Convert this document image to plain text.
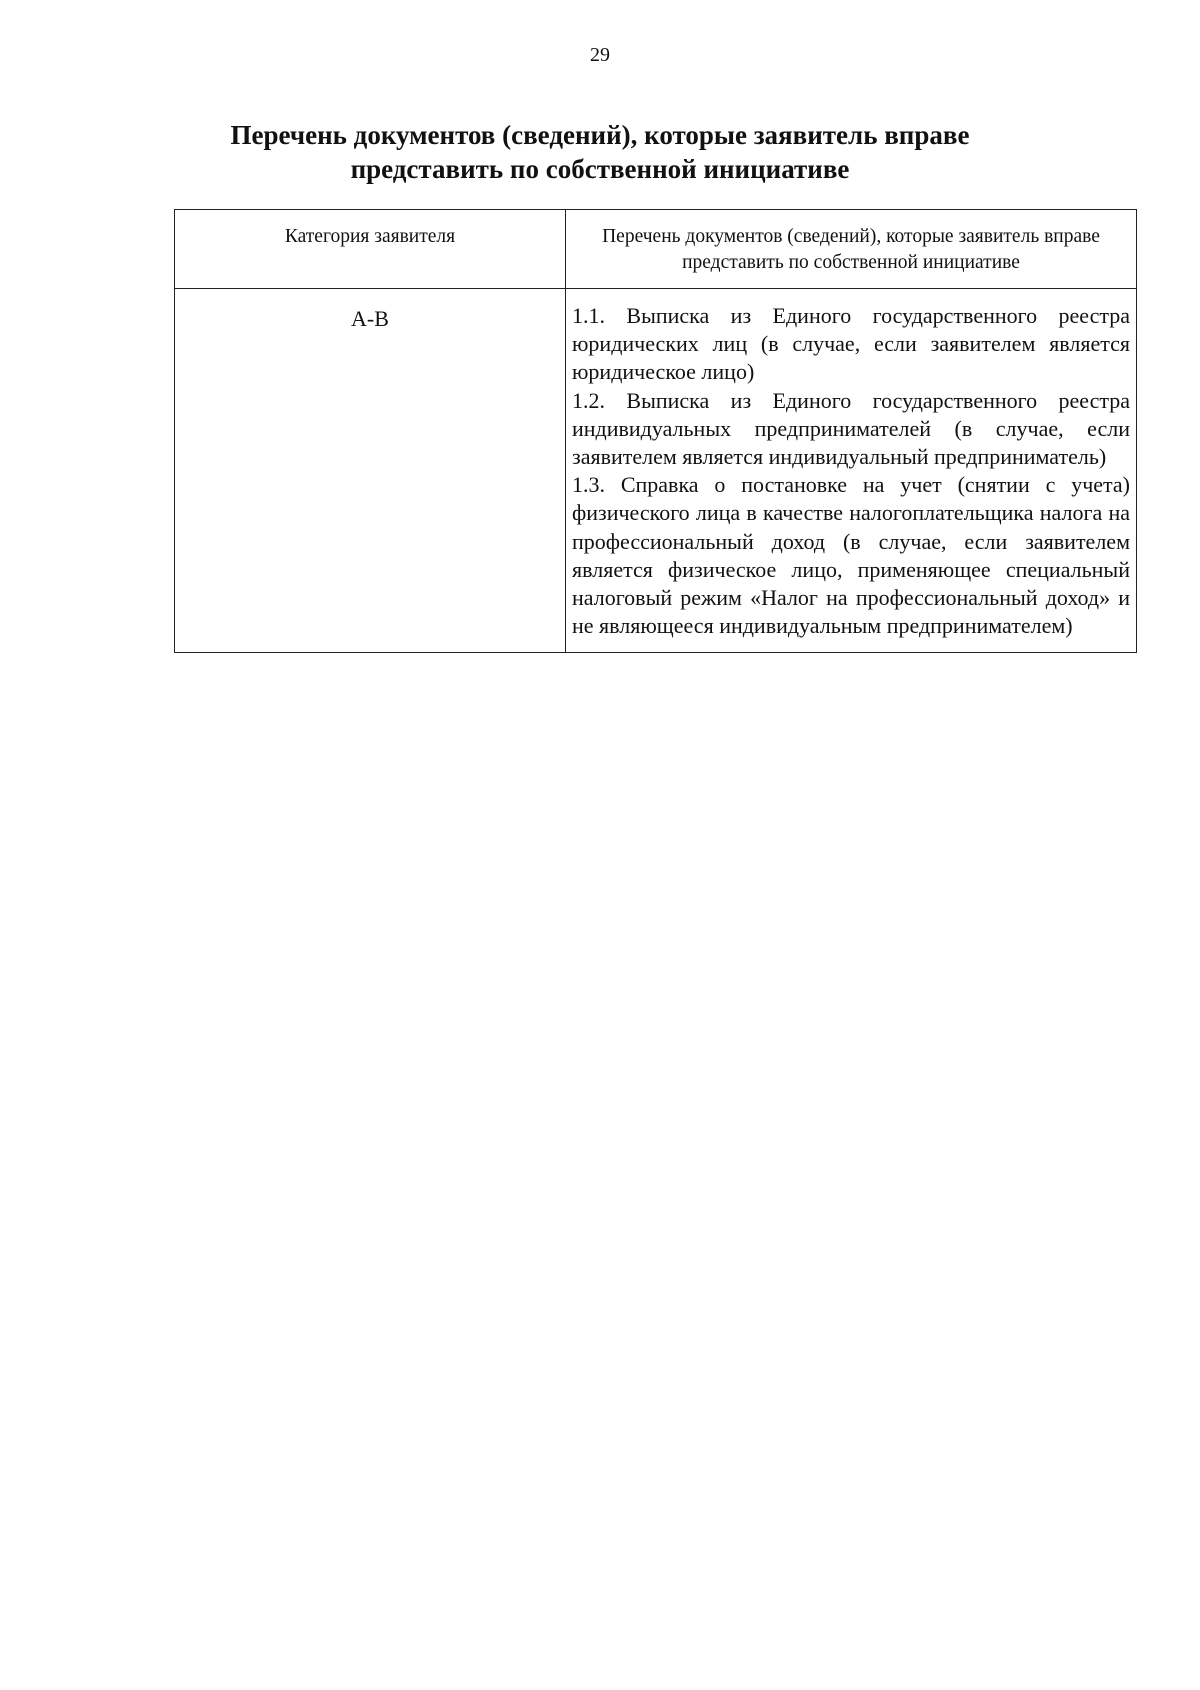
29
Перечень документов (сведений), которые заявитель вправе представить по собственной инициативе
Категория заявителя	Перечень документов (сведений), которые заявитель вправе представить по собственной инициативе
А-В	1.1. Выписка из Единого государственного реестра юридических лиц (в случае, если заявителем является юридическое лицо)

1.2. Выписка из Единого государственного реестра индивидуальных предпринимателей (в случае, если заявителем является индивидуальный предприниматель)

1.3. Справка о постановке на учет (снятии с учета) физического лица в качестве налогоплательщика налога на профессиональный доход (в случае, если заявителем является физическое лицо, применяющее специальный налоговый режим «Налог на профессиональный доход» и не являющееся индивидуальным предпринимателем)
